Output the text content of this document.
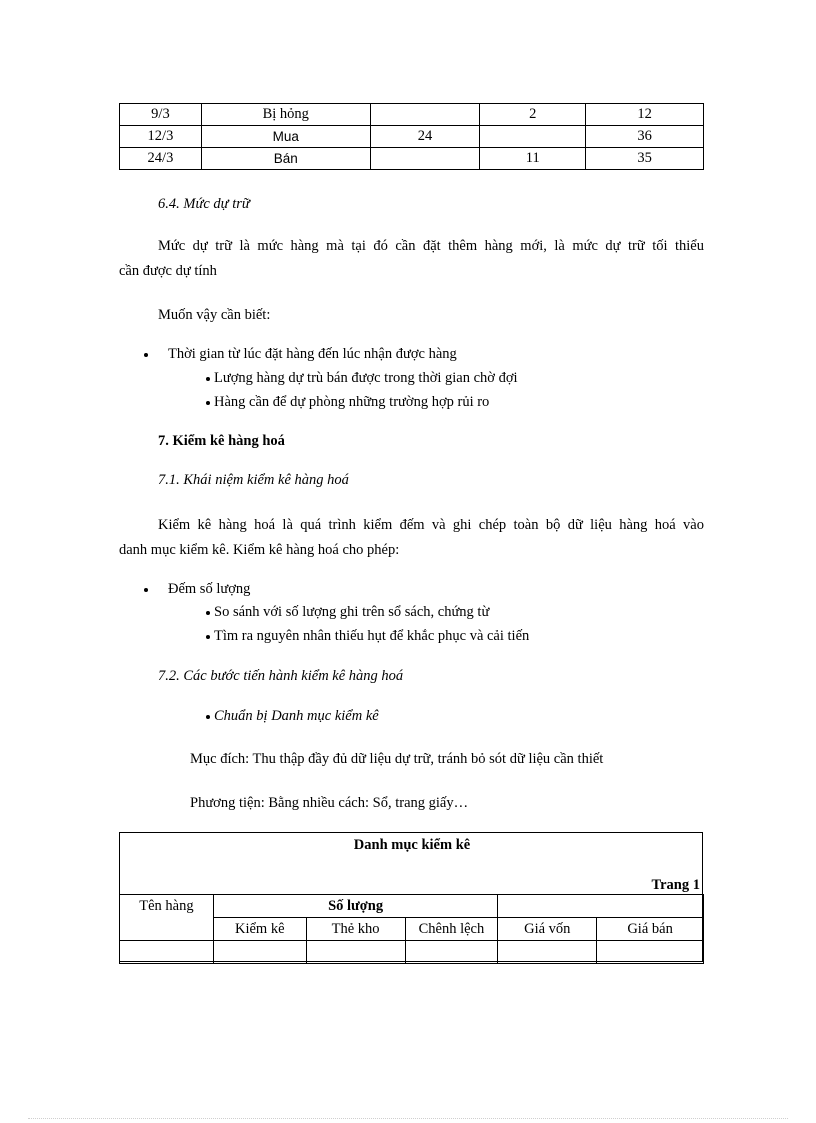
9/3	Bị hỏng		2	12
12/3	Mua	24		36
24/3	Bán		11	35
6.4. Mức dự trữ
Mức dự trữ là mức hàng mà tại đó cần đặt thêm hàng mới, là mức dự trữ tối thiểu
cần được dự tính
Muốn vậy cần biết:
Thời gian từ lúc đặt hàng đến lúc nhận được hàng
Lượng hàng dự trù bán được trong thời gian chờ đợi
Hàng cần để dự phòng những trường hợp rủi ro
7. Kiểm kê hàng hoá
7.1. Khái niệm kiểm kê hàng hoá
Kiểm kê hàng hoá là quá trình kiểm đếm và ghi chép toàn bộ dữ liệu hàng hoá vào
danh mục kiểm kê. Kiểm kê hàng hoá cho phép:
Đếm số lượng
So sánh với số lượng ghi trên sổ sách, chứng từ
Tìm ra nguyên nhân thiếu hụt để khắc phục và cải tiến
7.2. Các bước tiến hành kiểm kê hàng hoá
Chuẩn bị Danh mục kiểm kê
Mục đích: Thu thập đầy đủ dữ liệu dự trữ, tránh bỏ sót dữ liệu cần thiết
Phương tiện: Bằng nhiều cách: Sổ, trang giấy…
Danh mục kiểm kê
Trang 1
Tên hàng	Số lượng				
	Kiểm kê	Thẻ kho	Chênh lệch	Giá vốn	Giá bán
